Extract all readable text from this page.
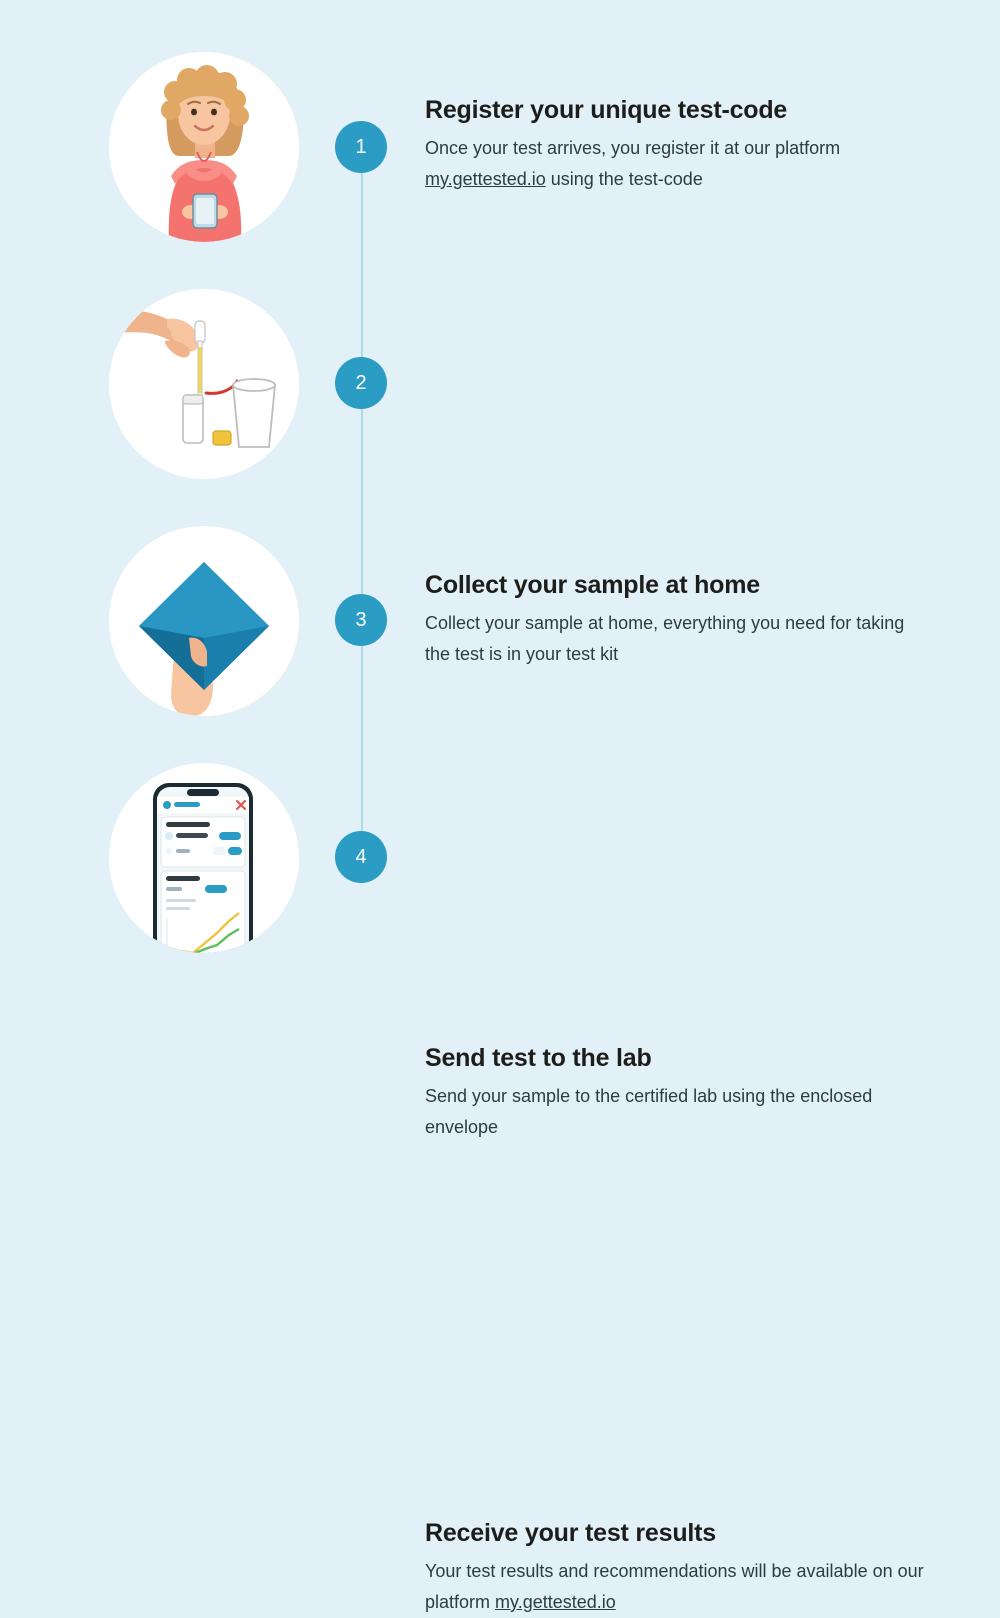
1
Register your unique test-code

Once your test arrives, you register it at our platform my.gettested.io using the test-code

2
Collect your sample at home

Collect your sample at home, everything you need for taking the test is in your test kit

3
Send test to the lab

Send your sample to the certified lab using the enclosed envelope

4
Receive your test results

Your test results and recommendations will be available on our platform my.gettested.io
